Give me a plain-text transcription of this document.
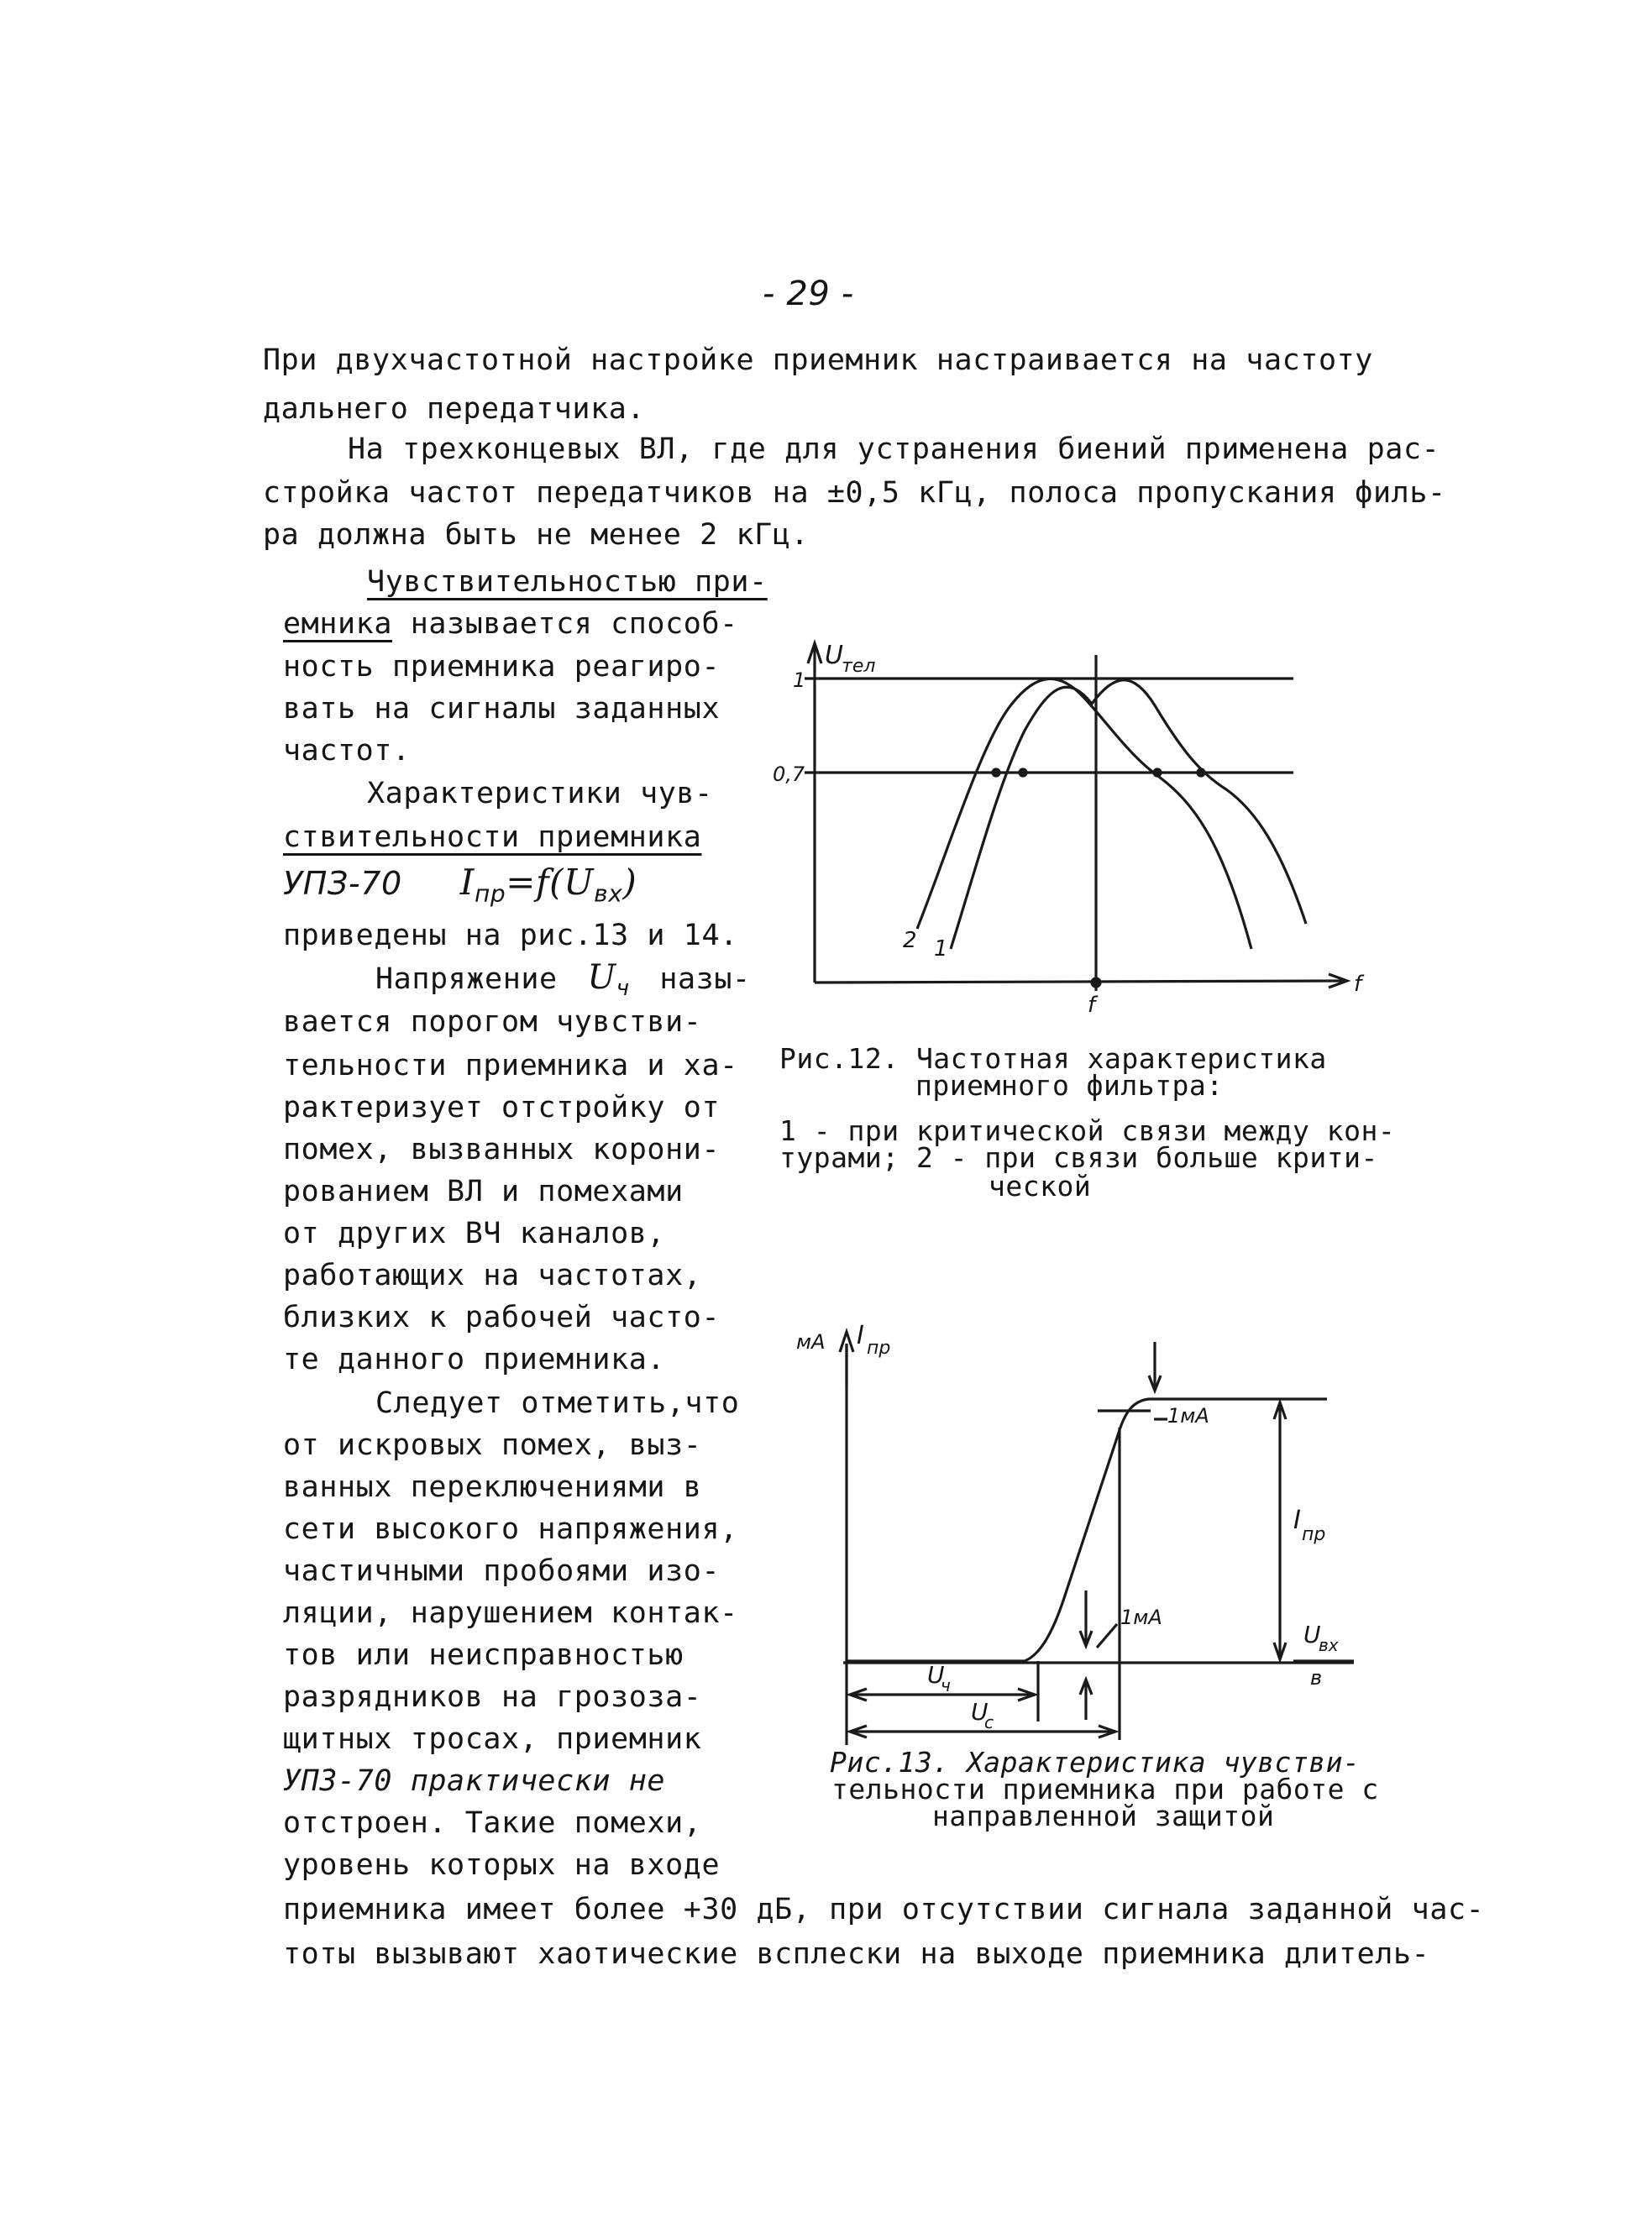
- 29 -
При двухчастотной настройке приемник настраивается на частоту
дальнего передатчика.
На трехконцевых ВЛ, где для устранения биений применена рас-
стройка частот передатчиков на ±0,5 кГц, полоса пропускания филь-
ра должна быть не менее 2 кГц.
Чувствительностью при-
емника называется способ-
ность приемника реагиро-
вать на сигналы заданных
частот.
Характеристики чув-
ствительности приемника
УПЗ-70 $I_{пр}=f(U_{вх})$
приведены на рис.13 и 14.
Напряжение $U_ч$ назы-
вается порогом чувстви-
тельности приемника и ха-
рактеризует отстройку от
помех, вызванных корони-
рованием ВЛ и помехами
от других ВЧ каналов,
работающих на частотах,
близких к рабочей часто-
те данного приемника.
Следует отметить,что
от искровых помех, выз-
ванных переключениями в
сети высокого напряжения,
частичными пробоями изо-
ляции, нарушением контак-
тов или неисправностью
разрядников на грозоза-
щитных тросах, приемник
УПЗ-70 практически не
отстроен. Такие помехи,
уровень которых на входе
приемника имеет более +30 дБ, при отсутствии сигнала заданной час-
тоты вызывают хаотические всплески на выходе приемника длитель-
U
тел
1
0,7
f
f
2 1
Рис.12. Частотная характеристика
приемного фильтра:
1 - при критической связи между кон-
турами; 2 - при связи больше крити-
ческой
мА I пр
1мА
1мА
I пр
U
вх
в
U
ч
U
с
Рис.13. Характеристика чувстви-
тельности приемника при работе с
направленной защитой
